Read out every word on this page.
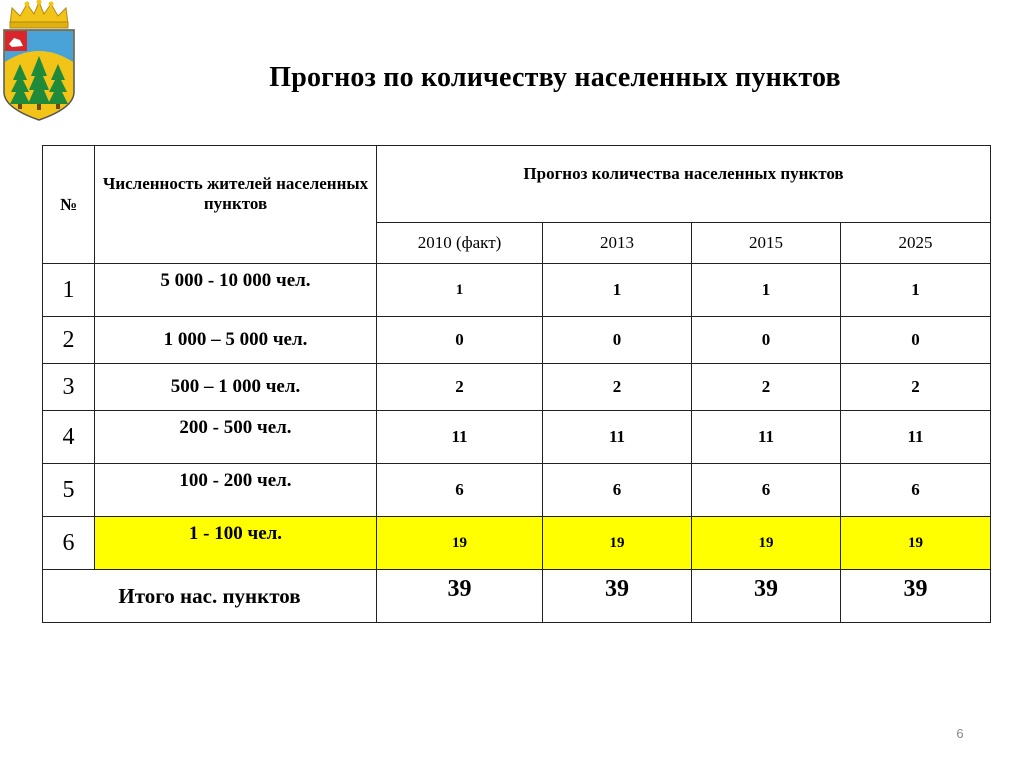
Прогноз по количеству населенных пунктов
№	Численность жителей населенных пунктов	Прогноз количества населенных пунктов			
		2010 (факт)	2013	2015	2025
1	5 000 - 10 000 чел.	1	1	1	1
2	1 000 – 5 000 чел.	0	0	0	0
3	500 – 1 000 чел.	2	2	2	2
4	200 - 500 чел.	11	11	11	11
5	100 - 200 чел.	6	6	6	6
6	1 - 100 чел.	19	19	19	19
Итого нас. пунктов		39	39	39	39
6
